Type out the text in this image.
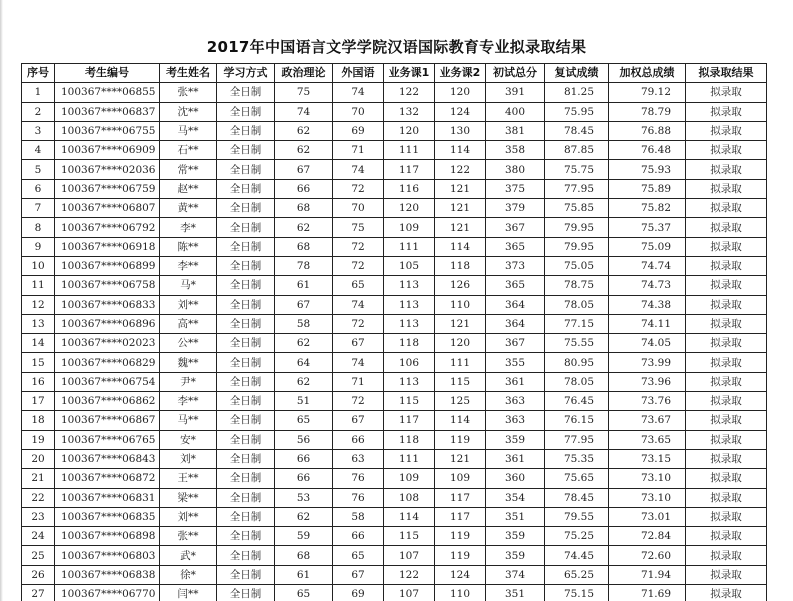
2017年中国语言文学学院汉语国际教育专业拟录取结果
序号	考生编号	考生姓名	学习方式	政治理论	外国语	业务课1	业务课2	初试总分	复试成绩	加权总成绩	拟录取结果
1	100367****06855	张**	全日制	75	74	122	120	391	81.25	79.12	拟录取
2	100367****06837	沈**	全日制	74	70	132	124	400	75.95	78.79	拟录取
3	100367****06755	马**	全日制	62	69	120	130	381	78.45	76.88	拟录取
4	100367****06909	石**	全日制	62	71	111	114	358	87.85	76.48	拟录取
5	100367****02036	常**	全日制	67	74	117	122	380	75.75	75.93	拟录取
6	100367****06759	赵**	全日制	66	72	116	121	375	77.95	75.89	拟录取
7	100367****06807	黄**	全日制	68	70	120	121	379	75.85	75.82	拟录取
8	100367****06792	李*	全日制	62	75	109	121	367	79.95	75.37	拟录取
9	100367****06918	陈**	全日制	68	72	111	114	365	79.95	75.09	拟录取
10	100367****06899	李**	全日制	78	72	105	118	373	75.05	74.74	拟录取
11	100367****06758	马*	全日制	61	65	113	126	365	78.75	74.73	拟录取
12	100367****06833	刘**	全日制	67	74	113	110	364	78.05	74.38	拟录取
13	100367****06896	高**	全日制	58	72	113	121	364	77.15	74.11	拟录取
14	100367****02023	公**	全日制	62	67	118	120	367	75.55	74.05	拟录取
15	100367****06829	魏**	全日制	64	74	106	111	355	80.95	73.99	拟录取
16	100367****06754	尹*	全日制	62	71	113	115	361	78.05	73.96	拟录取
17	100367****06862	李**	全日制	51	72	115	125	363	76.45	73.76	拟录取
18	100367****06867	马**	全日制	65	67	117	114	363	76.15	73.67	拟录取
19	100367****06765	安*	全日制	56	66	118	119	359	77.95	73.65	拟录取
20	100367****06843	刘*	全日制	66	63	111	121	361	75.35	73.15	拟录取
21	100367****06872	王**	全日制	66	76	109	109	360	75.65	73.10	拟录取
22	100367****06831	梁**	全日制	53	76	108	117	354	78.45	73.10	拟录取
23	100367****06835	刘**	全日制	62	58	114	117	351	79.55	73.01	拟录取
24	100367****06898	张**	全日制	59	66	115	119	359	75.25	72.84	拟录取
25	100367****06803	武*	全日制	68	65	107	119	359	74.45	72.60	拟录取
26	100367****06838	徐*	全日制	61	67	122	124	374	65.25	71.94	拟录取
27	100367****06770	闫**	全日制	65	69	107	110	351	75.15	71.69	拟录取
